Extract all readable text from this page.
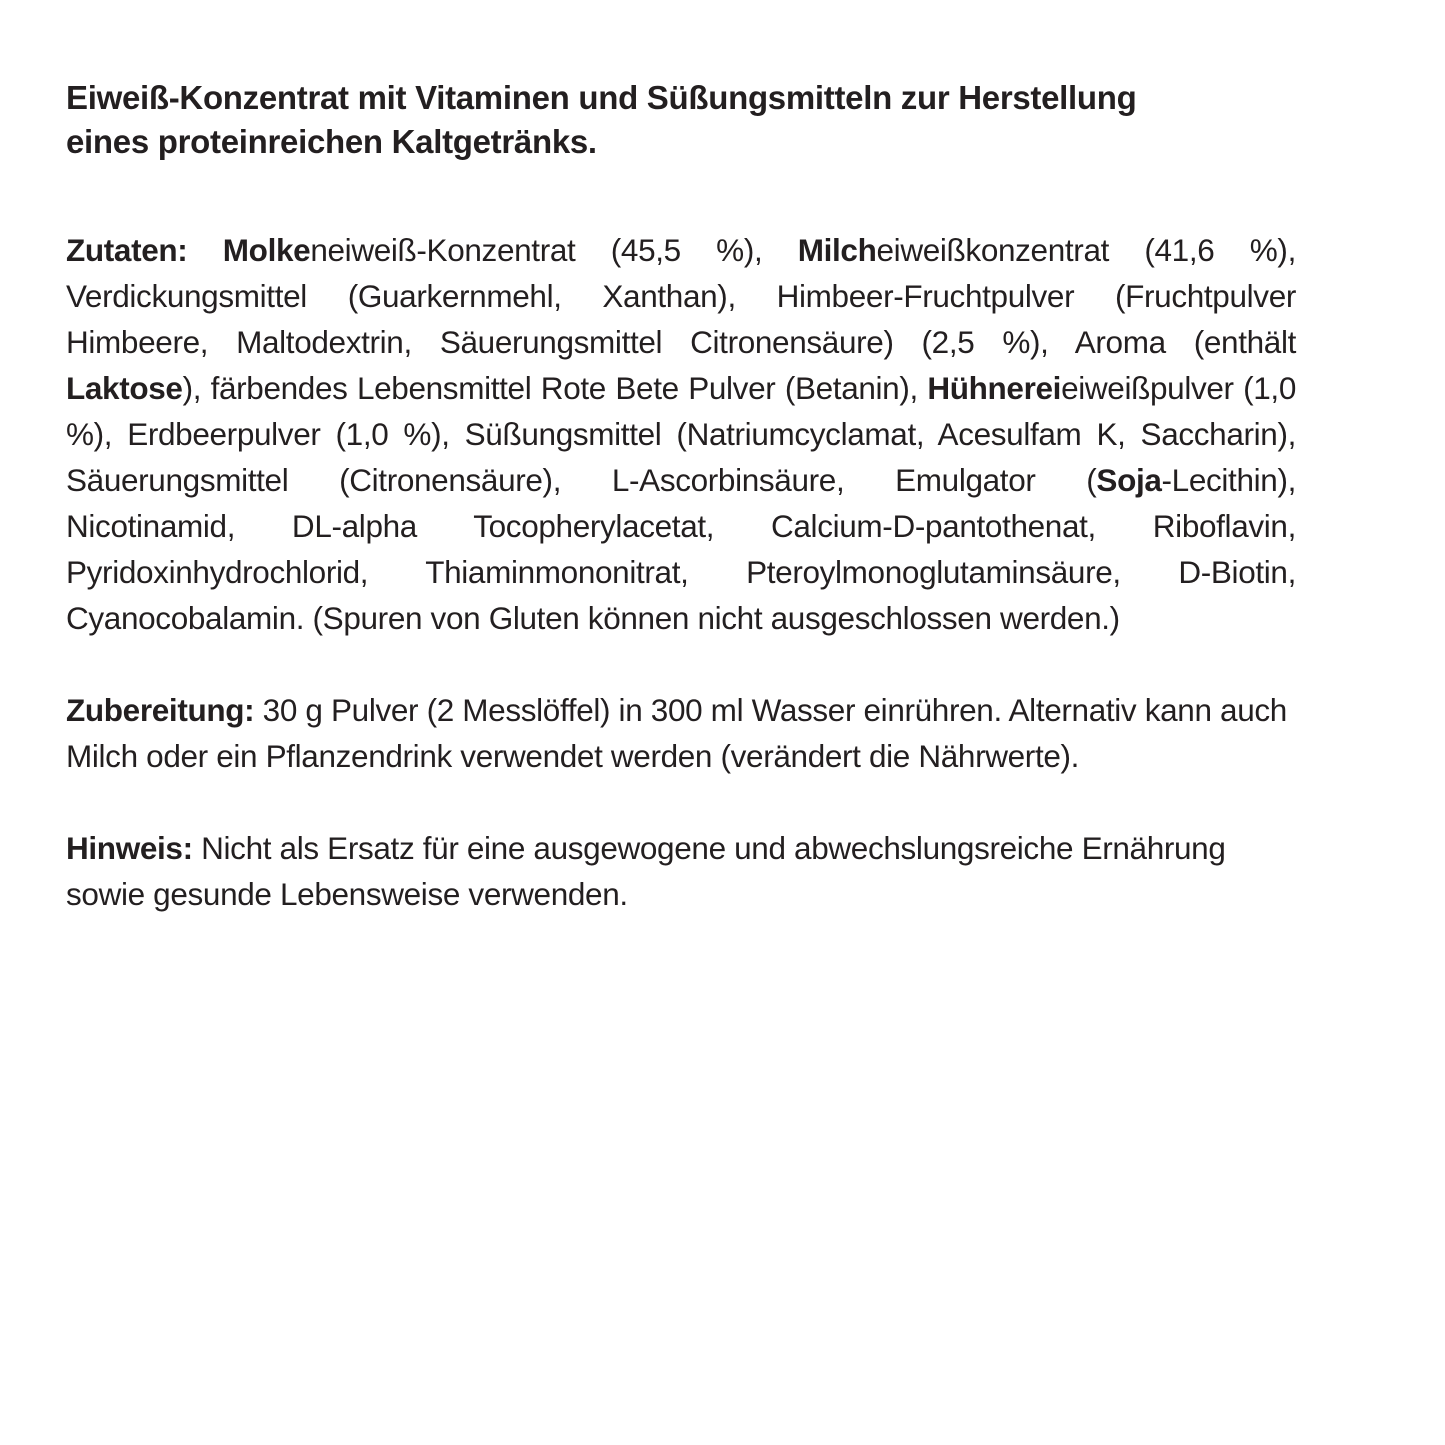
Eiweiß-Konzentrat mit Vitaminen und Süßungsmitteln zur Herstellung eines proteinreichen Kaltgetränks.

Zutaten: Molkeneiweiß-Konzentrat (45,5 %), Milcheiweißkonzentrat (41,6 %), Verdickungsmittel (Guarkernmehl, Xanthan), Himbeer-Fruchtpulver (Fruchtpulver Himbeere, Maltodextrin, Säuerungsmittel Citronensäure) (2,5 %), Aroma (enthält Laktose), färbendes Lebensmittel Rote Bete Pulver (Betanin), Hühnereieiweißpulver (1,0 %), Erdbeerpulver (1,0 %), Süßungsmittel (Natriumcyclamat, Acesulfam K, Saccharin), Säuerungsmittel (Citronensäure), L-Ascorbinsäure, Emulgator (Soja-Lecithin), Nicotinamid, DL-alpha Tocopherylacetat, Calcium-D-pantothenat, Riboflavin, Pyridoxinhydrochlorid, Thiaminmononitrat, Pteroylmonoglutaminsäure, D-Biotin, Cyanocobalamin. (Spuren von Gluten können nicht ausgeschlossen werden.)

Zubereitung: 30 g Pulver (2 Messlöffel) in 300 ml Wasser einrühren. Alternativ kann auch Milch oder ein Pflanzendrink verwendet werden (verändert die Nährwerte).

Hinweis: Nicht als Ersatz für eine ausgewogene und abwechslungsreiche Ernährung sowie gesunde Lebensweise verwenden.
